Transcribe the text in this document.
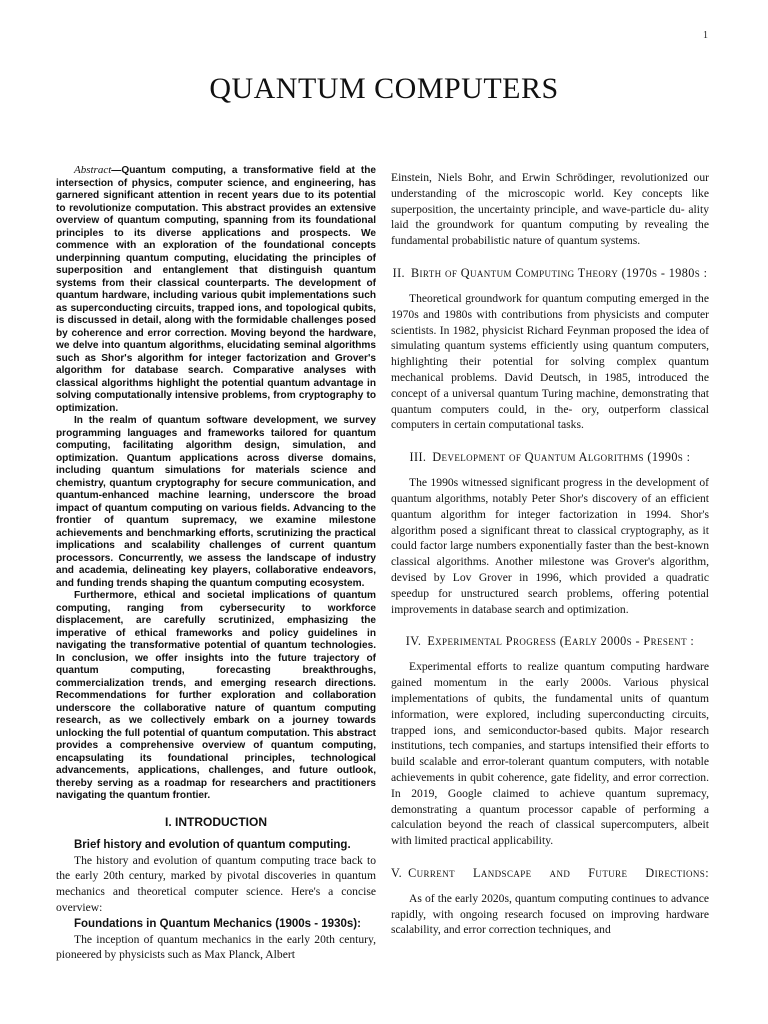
1
QUANTUM COMPUTERS

Abstract—Quantum computing, a transformative field at the intersection of physics, computer science, and engineering, has garnered significant attention in recent years due to its potential to revolutionize computation. This abstract provides an extensive overview of quantum computing, spanning from its foundational principles to its diverse applications and prospects. We commence with an exploration of the foundational concepts underpinning quantum computing, elucidating the principles of superposition and entanglement that distinguish quantum systems from their classical counterparts. The development of quantum hardware, including various qubit implementations such as superconducting circuits, trapped ions, and topological qubits, is discussed in detail, along with the formidable challenges posed by coherence and error correction. Moving beyond the hardware, we delve into quantum algorithms, elucidating seminal algorithms such as Shor's algorithm for integer factorization and Grover's algorithm for database search. Comparative analyses with classical algorithms highlight the potential quantum advantage in solving computationally intensive problems, from cryptography to optimization.

In the realm of quantum software development, we survey programming languages and frameworks tailored for quantum computing, facilitating algorithm design, simulation, and optimization. Quantum applications across diverse domains, including quantum simulations for materials science and chemistry, quantum cryptography for secure communication, and quantum-enhanced machine learning, underscore the broad impact of quantum computing on various fields. Advancing to the frontier of quantum supremacy, we examine milestone achievements and benchmarking efforts, scrutinizing the practical implications and scalability challenges of current quantum processors. Concurrently, we assess the landscape of industry and academia, delineating key players, collaborative endeavors, and funding trends shaping the quantum computing ecosystem.

Furthermore, ethical and societal implications of quantum computing, ranging from cybersecurity to workforce displacement, are carefully scrutinized, emphasizing the imperative of ethical frameworks and policy guidelines in navigating the transformative potential of quantum technologies. In conclusion, we offer insights into the future trajectory of quantum computing, forecasting breakthroughs, commercialization trends, and emerging research directions. Recommendations for further exploration and collaboration underscore the collaborative nature of quantum computing research, as we collectively embark on a journey towards unlocking the full potential of quantum computation. This abstract provides a comprehensive overview of quantum computing, encapsulating its foundational principles, technological advancements, applications, challenges, and future outlook, thereby serving as a roadmap for researchers and practitioners navigating the quantum frontier.

I. INTRODUCTION
Brief history and evolution of quantum computing.

The history and evolution of quantum computing trace back to the early 20th century, marked by pivotal discoveries in quantum mechanics and theoretical computer science. Here's a concise overview:

Foundations in Quantum Mechanics (1900s - 1930s):

The inception of quantum mechanics in the early 20th century, pioneered by physicists such as Max Planck, Albert

Einstein, Niels Bohr, and Erwin Schrödinger, revolutionized our understanding of the microscopic world. Key concepts like superposition, the uncertainty principle, and wave-particle du- ality laid the groundwork for quantum computing by revealing the fundamental probabilistic nature of quantum systems.

II. Birth of Quantum Computing Theory (1970s - 1980s :

Theoretical groundwork for quantum computing emerged in the 1970s and 1980s with contributions from physicists and computer scientists. In 1982, physicist Richard Feynman proposed the idea of simulating quantum systems efficiently using quantum computers, highlighting their potential for solving complex quantum mechanical problems. David Deutsch, in 1985, introduced the concept of a universal quantum Turing machine, demonstrating that quantum computers could, in the- ory, outperform classical computers in certain computational tasks.

III. Development of Quantum Algorithms (1990s :

The 1990s witnessed significant progress in the development of quantum algorithms, notably Peter Shor's discovery of an efficient quantum algorithm for integer factorization in 1994. Shor's algorithm posed a significant threat to classical cryptography, as it could factor large numbers exponentially faster than the best-known classical algorithms. Another milestone was Grover's algorithm, devised by Lov Grover in 1996, which provided a quadratic speedup for unstructured search problems, offering potential improvements in database search and optimization.

IV. Experimental Progress (Early 2000s - Present :

Experimental efforts to realize quantum computing hardware gained momentum in the early 2000s. Various physical implementations of qubits, the fundamental units of quantum information, were explored, including superconducting circuits, trapped ions, and semiconductor-based qubits. Major research institutions, tech companies, and startups intensified their efforts to build scalable and error-tolerant quantum computers, with notable achievements in qubit coherence, gate fidelity, and error correction. In 2019, Google claimed to achieve quantum supremacy, demonstrating a quantum processor capable of performing a calculation beyond the reach of classical supercomputers, albeit with limited practical applicability.

V. Current Landscape and Future Directions:

As of the early 2020s, quantum computing continues to advance rapidly, with ongoing research focused on improving hardware scalability, and error correction techniques, and
